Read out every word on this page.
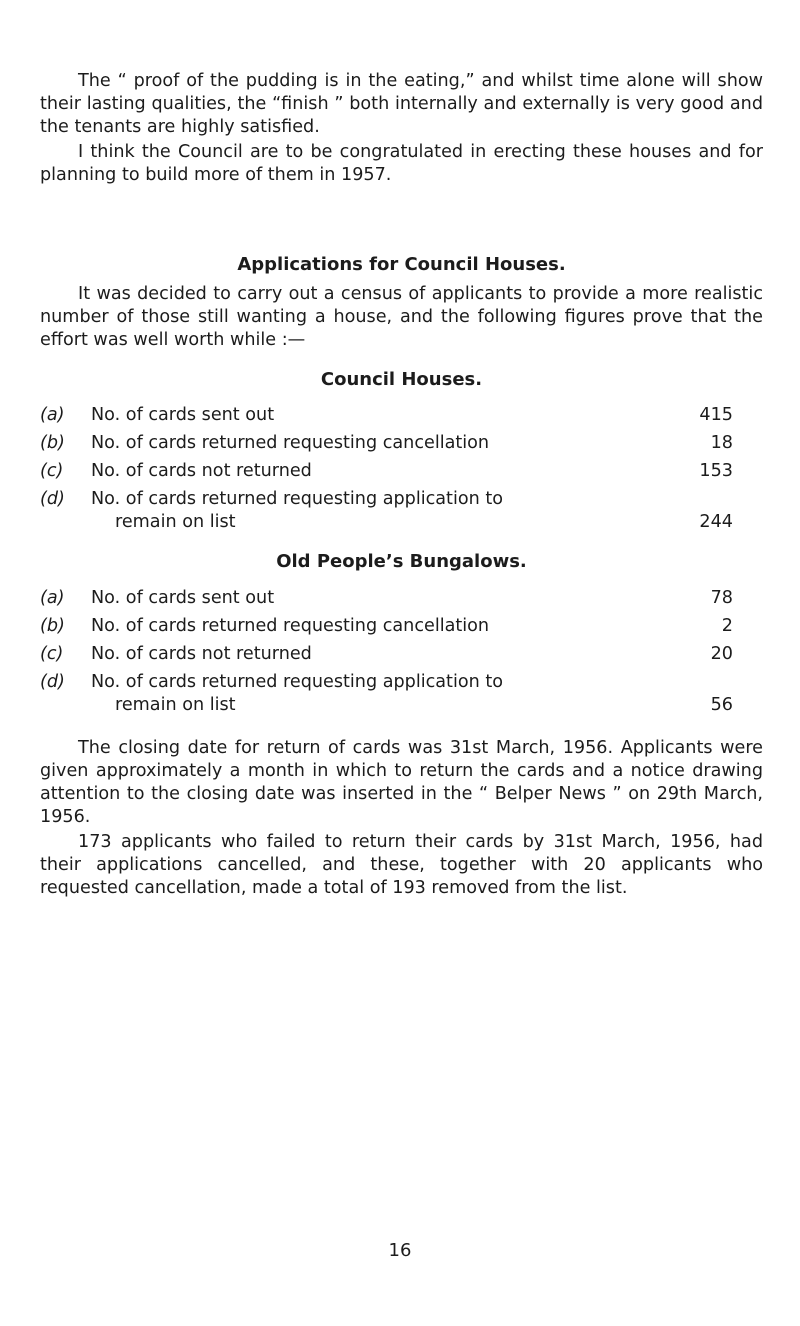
The “ proof of the pudding is in the eating,” and whilst time alone will show their lasting qualities, the “finish ” both internally and externally is very good and the tenants are highly satisfied.

I think the Council are to be congratulated in erecting these houses and for planning to build more of them in 1957.

Applications for Council Houses.

It was decided to carry out a census of applicants to provide a more realistic number of those still wanting a house, and the following figures prove that the effort was well worth while :—

Council Houses.
(a) No. of cards sent out	415
(b) No. of cards returned requesting cancellation	18
(c) No. of cards not returned	153
(d) No. of cards returned requesting application to
remain on list	244
Old People’s Bungalows.
(a) No. of cards sent out	78
(b) No. of cards returned requesting cancellation	2
(c) No. of cards not returned	20
(d) No. of cards returned requesting application to
remain on list	56

The closing date for return of cards was 31st March, 1956. Applicants were given approximately a month in which to return the cards and a notice drawing attention to the closing date was inserted in the “ Belper News ” on 29th March, 1956.

173 applicants who failed to return their cards by 31st March, 1956, had their applications cancelled, and these, together with 20 applicants who requested cancellation, made a total of 193 removed from the list.

16
